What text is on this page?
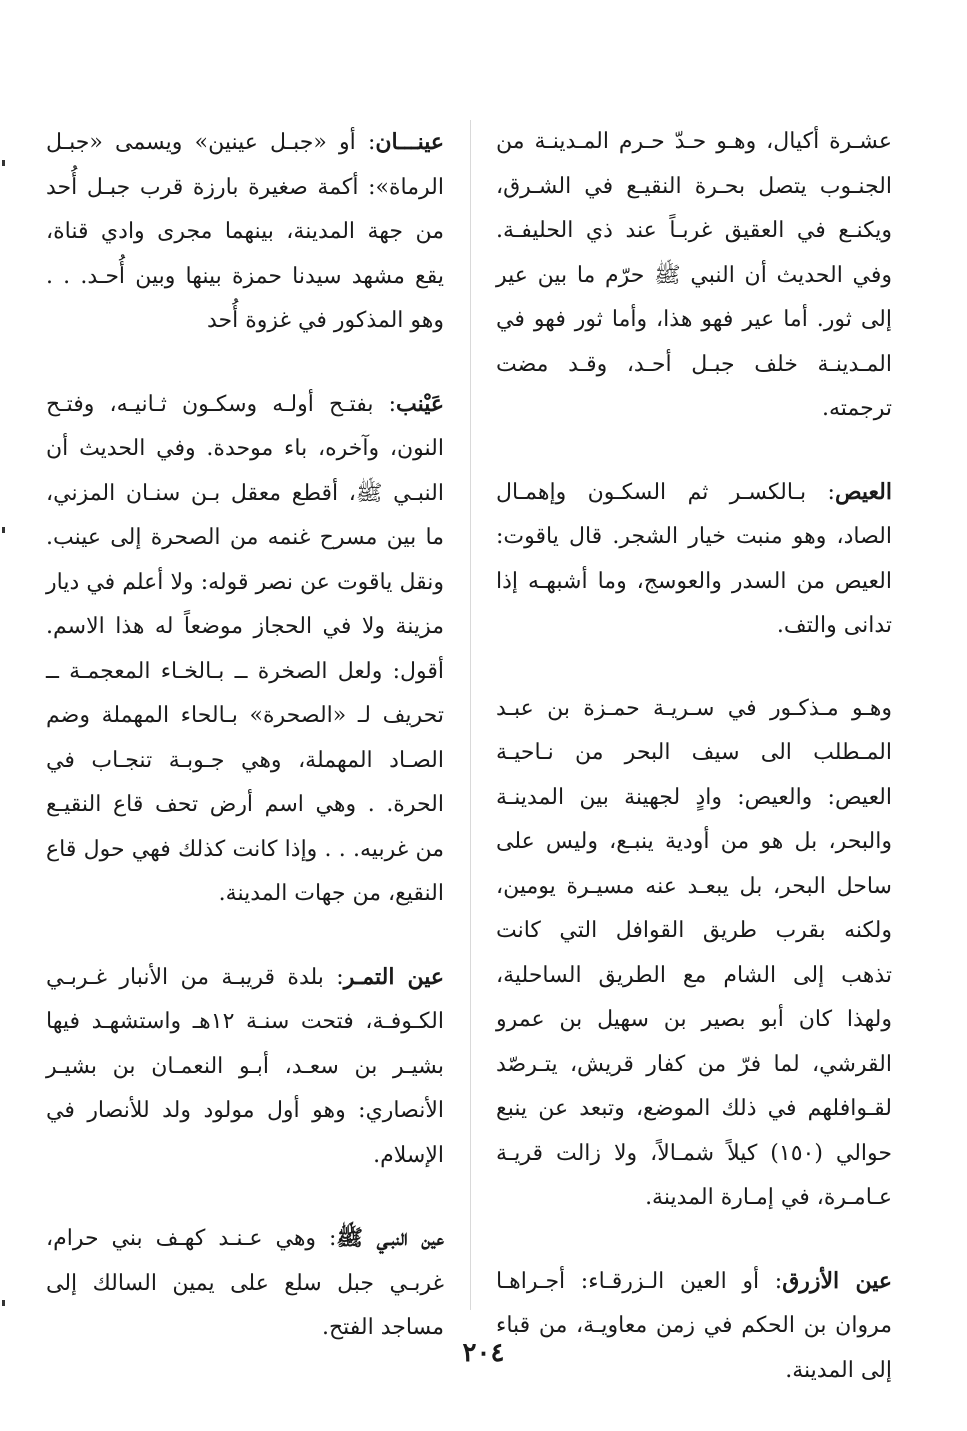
عشـرة أكيال، وهـو حـدّ حـرم المـدينـة من الجنـوب يتصل بحـرة النقيـع في الشـرق، ويكنـع في العقيق غربـاً عند ذي الحليفـة. وفي الحديث أن النبي ﷺ حرّم ما بين عير إلى ثور. أما عير فهو هذا، وأما ثور فهو في المـدينـة خلف جبـل أحـد، وقـد مضت ترجمته.

العيص: بـالكسـر ثم السكـون وإهمـال الصاد، وهو منبت خيار الشجر. قال ياقوت: العيص من السدر والعوسج، وما أشبهـه إذا تدانى والتف.

وهـو مـذكـور في سـريـة حمـزة بن عبـد المـطلب الى سيف البحر من نـاحيـة العيص: والعيص: وادٍ لجهينة بين المدينـة والبحر، بل هو من أودية ينبـع، وليس على ساحل البحر، بل يبعـد عنه مسيـرة يومين، ولكنه بقرب طريق القوافل التي كانت تذهب إلى الشام مع الطريق الساحلية، ولهذا كان أبو بصير بن سهيل بن عمرو القرشي، لما فرّ من كفار قريش، يتـرصّد لقـوافلهم في ذلك الموضع، وتبعد عن ينبع حوالي (١٥٠) كيلاً شمـالاً، ولا زالت قريـة عـامـرة، في إمـارة المدينة.

عين الأزرق: أو العين الـزرقـاء: أجـراهـا مروان بن الحكم في زمن معاويـة، من قباء إلى المدينة.

عينـــان: أو «جبـل عينين» ويسمى «جبـل الرماة»: أكمة صغيرة بارزة قرب جبـل أُحد من جهة المدينة، بينهما مجرى وادي قناة، يقع مشهد سيدنا حمزة بينها وبين أُحـد. . . وهو المذكور في غزوة أُحد

عَيْنب: بفتـح أولـه وسكـون ثـانيـه، وفتـح النون، وآخره، باء موحدة. وفي الحديث أن النبـي ﷺ، أقطع معقل بـن سنـان المزني، ما بين مسرح غنمه من الصحرة إلى عينب. ونقل ياقوت عن نصر قوله: ولا أعلم في ديار مزينة ولا في الحجاز موضعاً له هذا الاسم. أقول: ولعل الصخرة ــ بـالخـاء المعجمـة ــ تحريف لـ «الصحرة» بـالحاء المهملة وضم الصـاد المهملة، وهي جـوبـة تنجـاب في الحرة. . وهي اسم أرض تحف قاع النقيـع من غربيه. . . وإذا كانت كذلك فهي حول قاع النقيع، من جهات المدينة.

عين التمـر: بلدة قريبـة من الأنبار غـربـي الكـوفـة، فتحت سنـة ١٢هـ واستشهـد فيها بشيـر بن سعـد، أبـو النعمـان بن بشيـر الأنصاري: وهو أول مولود ولد للأنصار في الإسلام.

عين النبـي ﷺ: وهي عـنـد كهـف بني حرام، غربـي جبل سلع على يمين السالك إلى مساجد الفتح.

٢٠٤
